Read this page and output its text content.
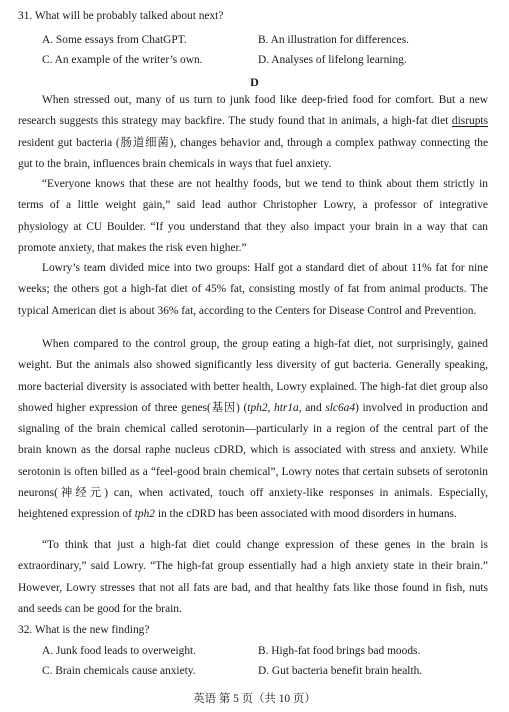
31. What will be probably talked about next?
A. Some essays from ChatGPT.	B. An illustration for differences.
C. An example of the writer’s own.	D. Analyses of lifelong learning.
D

When stressed out, many of us turn to junk food like deep-fried food for comfort. But a new research suggests this strategy may backfire. The study found that in animals, a high-fat diet disrupts resident gut bacteria (肠道细菌), changes behavior and, through a complex pathway connecting the gut to the brain, influences brain chemicals in ways that fuel anxiety.

“Everyone knows that these are not healthy foods, but we tend to think about them strictly in terms of a little weight gain,” said lead author Christopher Lowry, a professor of integrative physiology at CU Boulder. “If you understand that they also impact your brain in a way that can promote anxiety, that makes the risk even higher.”

Lowry’s team divided mice into two groups: Half got a standard diet of about 11% fat for nine weeks; the others got a high-fat diet of 45% fat, consisting mostly of fat from animal products. The typical American diet is about 36% fat, according to the Centers for Disease Control and Prevention.

When compared to the control group, the group eating a high-fat diet, not surprisingly, gained weight. But the animals also showed significantly less diversity of gut bacteria. Generally speaking, more bacterial diversity is associated with better health, Lowry explained. The high-fat diet group also showed higher expression of three genes(基因) (tph2, htr1a, and slc6a4) involved in production and signaling of the brain chemical called serotonin—particularly in a region of the central part of the brain known as the dorsal raphe nucleus cDRD, which is associated with stress and anxiety. While serotonin is often billed as a “feel-good brain chemical”, Lowry notes that certain subsets of serotonin neurons(神经元) can, when activated, touch off anxiety-like responses in animals. Especially, heightened expression of tph2 in the cDRD has been associated with mood disorders in humans.

“To think that just a high-fat diet could change expression of these genes in the brain is extraordinary,” said Lowry. “The high-fat group essentially had a high anxiety state in their brain.” However, Lowry stresses that not all fats are bad, and that healthy fats like those found in fish, nuts and seeds can be good for the brain.

32. What is the new finding?
A. Junk food leads to overweight.	B. High-fat food brings bad moods.
C. Brain chemicals cause anxiety.	D. Gut bacteria benefit brain health.
英语 第 5 页（共 10 页）
